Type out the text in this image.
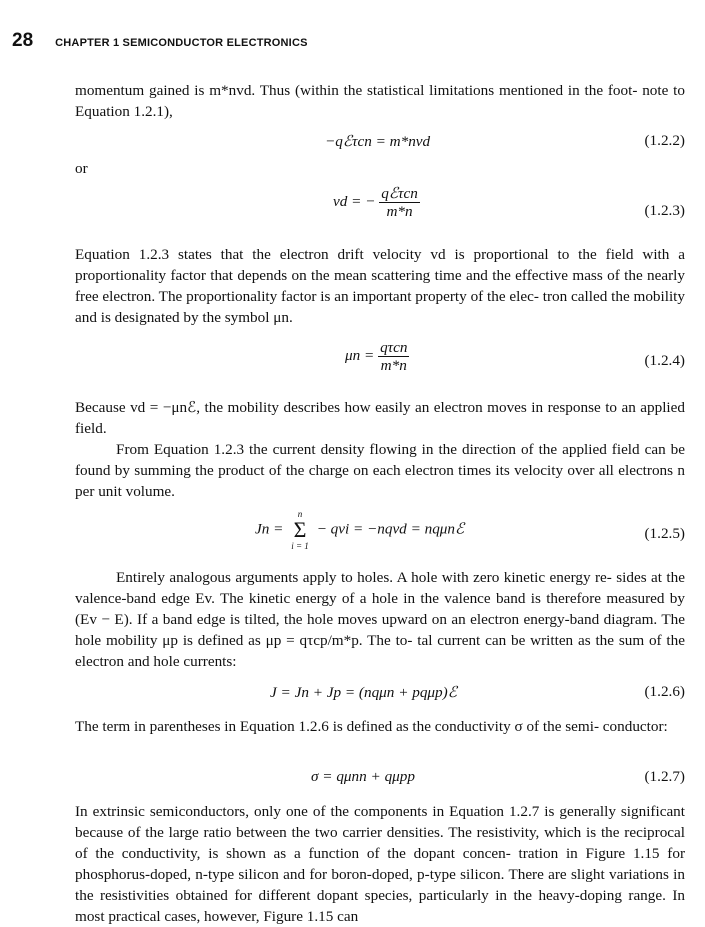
28 CHAPTER 1 SEMICONDUCTOR ELECTRONICS

momentum gained is m*nvd. Thus (within the statistical limitations mentioned in the foot- note to Equation 1.2.1),

−qℰτcn = m*nvd	(1.2.2)
or
vd = − $\frac{\text{qℰτcn}}{m*n}$	(1.2.3)

Equation 1.2.3 states that the electron drift velocity vd is proportional to the field with a proportionality factor that depends on the mean scattering time and the effective mass of the nearly free electron. The proportionality factor is an important property of the elec- tron called the mobility and is designated by the symbol μn.

$\mu n = \frac{\text{qτcn}}{m*n}$	(1.2.4)

Because vd = −μnℰ, the mobility describes how easily an electron moves in response to an applied field.

From Equation 1.2.3 the current density flowing in the direction of the applied field can be found by summing the product of the charge on each electron times its velocity over all electrons n per unit volume.

Jn =
n
Σ
i = 1
− qvi = −nqvd = nqμnℰ	(1.2.5)

Entirely analogous arguments apply to holes. A hole with zero kinetic energy re- sides at the valence-band edge Ev. The kinetic energy of a hole in the valence band is therefore measured by (Ev − E). If a band edge is tilted, the hole moves upward on an electron energy-band diagram. The hole mobility μp is defined as μp = qτcp/m*p. The to- tal current can be written as the sum of the electron and hole currents:

J = Jn + Jp = (nqμn + pqμp)ℰ	(1.2.6)

The term in parentheses in Equation 1.2.6 is defined as the conductivity σ of the semi- conductor:

σ = qμnn + qμpp	(1.2.7)

In extrinsic semiconductors, only one of the components in Equation 1.2.7 is generally significant because of the large ratio between the two carrier densities. The resistivity, which is the reciprocal of the conductivity, is shown as a function of the dopant concen- tration in Figure 1.15 for phosphorus-doped, n-type silicon and for boron-doped, p-type silicon. There are slight variations in the resistivities obtained for different dopant species, particularly in the heavy-doping range. In most practical cases, however, Figure 1.15 can
